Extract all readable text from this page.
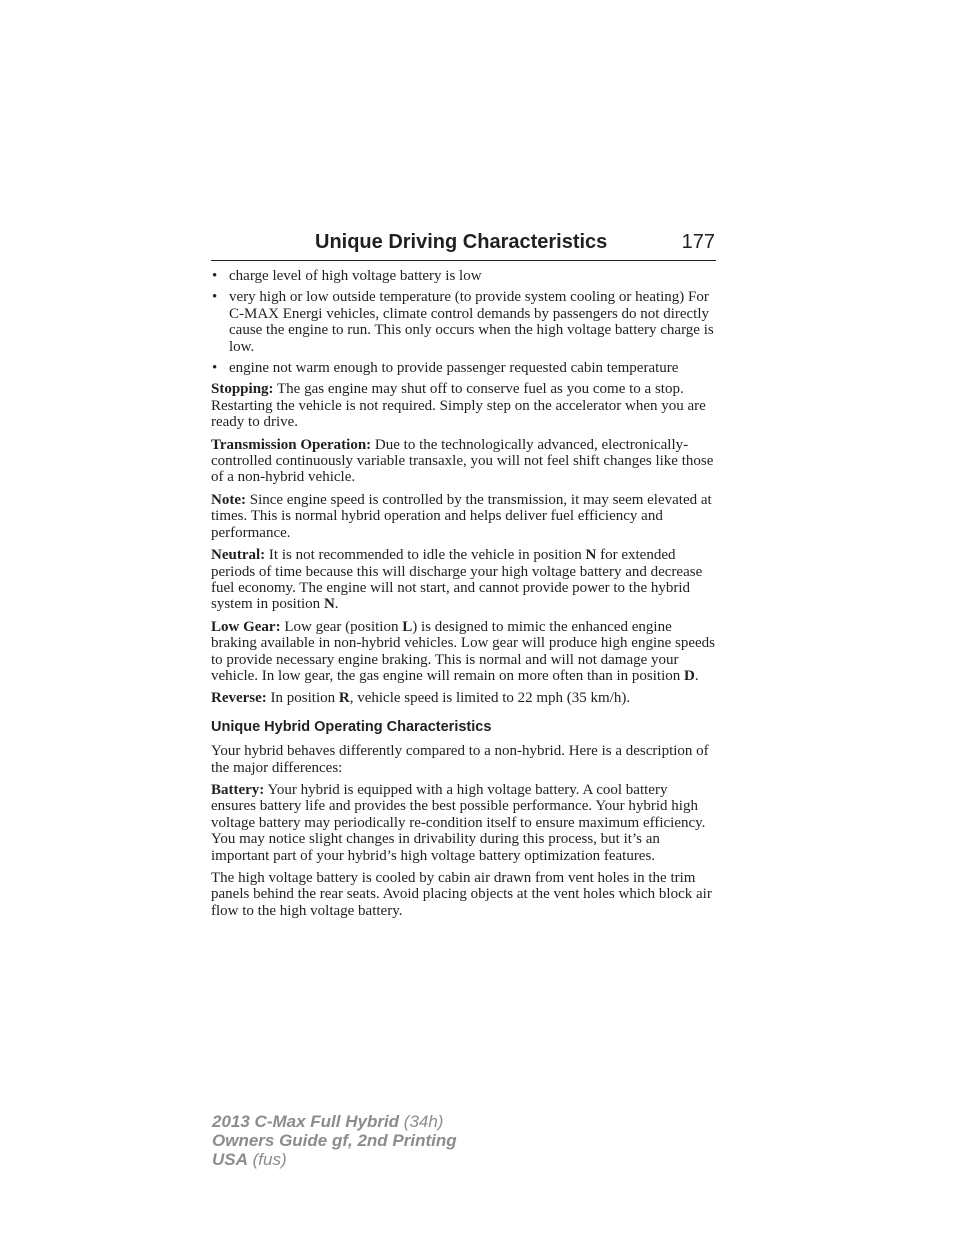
Unique Driving Characteristics	177
• charge level of high voltage battery is low
• very high or low outside temperature (to provide system cooling or heating) For C-MAX Energi vehicles, climate control demands by passengers do not directly cause the engine to run. This only occurs when the high voltage battery charge is low.
• engine not warm enough to provide passenger requested cabin temperature

Stopping: The gas engine may shut off to conserve fuel as you come to a stop. Restarting the vehicle is not required. Simply step on the accelerator when you are ready to drive.

Transmission Operation: Due to the technologically advanced, electronically-controlled continuously variable transaxle, you will not feel shift changes like those of a non-hybrid vehicle.

Note: Since engine speed is controlled by the transmission, it may seem elevated at times. This is normal hybrid operation and helps deliver fuel efficiency and performance.

Neutral: It is not recommended to idle the vehicle in position N for extended periods of time because this will discharge your high voltage battery and decrease fuel economy. The engine will not start, and cannot provide power to the hybrid system in position N.

Low Gear: Low gear (position L) is designed to mimic the enhanced engine braking available in non-hybrid vehicles. Low gear will produce high engine speeds to provide necessary engine braking. This is normal and will not damage your vehicle. In low gear, the gas engine will remain on more often than in position D.

Reverse: In position R, vehicle speed is limited to 22 mph (35 km/h).

Unique Hybrid Operating Characteristics

Your hybrid behaves differently compared to a non-hybrid. Here is a description of the major differences:

Battery: Your hybrid is equipped with a high voltage battery. A cool battery ensures battery life and provides the best possible performance. Your hybrid high voltage battery may periodically re-condition itself to ensure maximum efficiency. You may notice slight changes in drivability during this process, but it’s an important part of your hybrid’s high voltage battery optimization features.

The high voltage battery is cooled by cabin air drawn from vent holes in the trim panels behind the rear seats. Avoid placing objects at the vent holes which block air flow to the high voltage battery.

2013 C-Max Full Hybrid (34h)
Owners Guide gf, 2nd Printing
USA (fus)
